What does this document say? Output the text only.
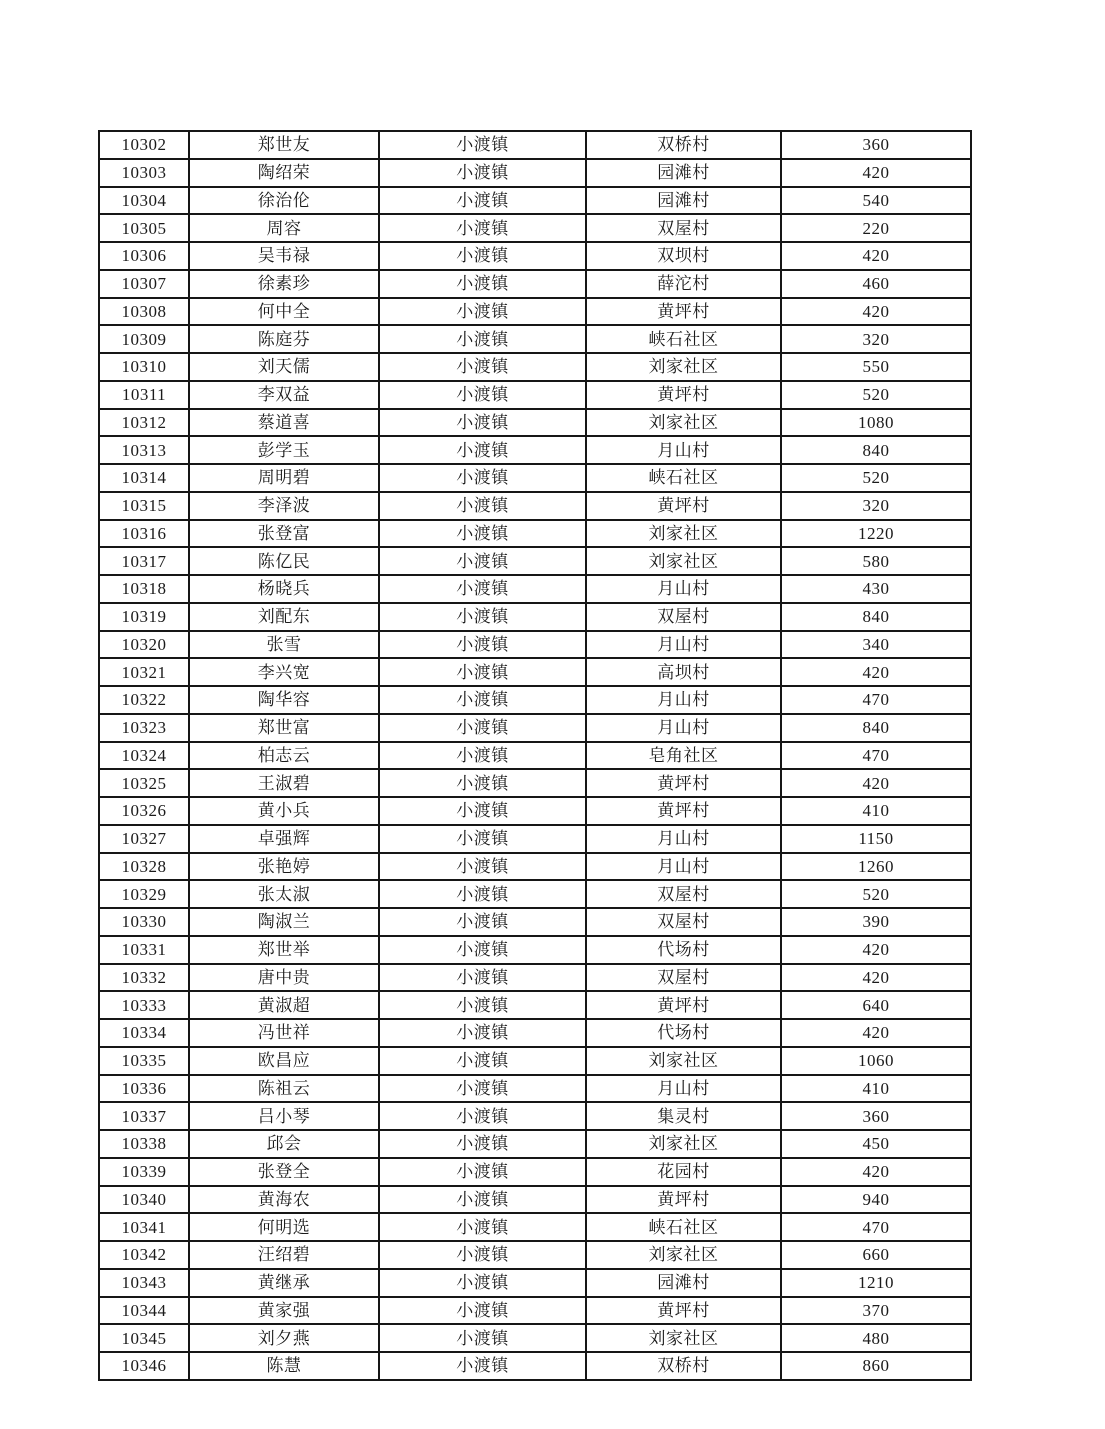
10302	郑世友	小渡镇	双桥村	360
10303	陶绍荣	小渡镇	园滩村	420
10304	徐治伦	小渡镇	园滩村	540
10305	周容	小渡镇	双屋村	220
10306	吴韦禄	小渡镇	双坝村	420
10307	徐素珍	小渡镇	薛沱村	460
10308	何中全	小渡镇	黄坪村	420
10309	陈庭芬	小渡镇	峡石社区	320
10310	刘天儒	小渡镇	刘家社区	550
10311	李双益	小渡镇	黄坪村	520
10312	蔡道喜	小渡镇	刘家社区	1080
10313	彭学玉	小渡镇	月山村	840
10314	周明碧	小渡镇	峡石社区	520
10315	李泽波	小渡镇	黄坪村	320
10316	张登富	小渡镇	刘家社区	1220
10317	陈亿民	小渡镇	刘家社区	580
10318	杨晓兵	小渡镇	月山村	430
10319	刘配东	小渡镇	双屋村	840
10320	张雪	小渡镇	月山村	340
10321	李兴宽	小渡镇	高坝村	420
10322	陶华容	小渡镇	月山村	470
10323	郑世富	小渡镇	月山村	840
10324	柏志云	小渡镇	皂角社区	470
10325	王淑碧	小渡镇	黄坪村	420
10326	黄小兵	小渡镇	黄坪村	410
10327	卓强辉	小渡镇	月山村	1150
10328	张艳婷	小渡镇	月山村	1260
10329	张太淑	小渡镇	双屋村	520
10330	陶淑兰	小渡镇	双屋村	390
10331	郑世举	小渡镇	代场村	420
10332	唐中贵	小渡镇	双屋村	420
10333	黄淑超	小渡镇	黄坪村	640
10334	冯世祥	小渡镇	代场村	420
10335	欧昌应	小渡镇	刘家社区	1060
10336	陈祖云	小渡镇	月山村	410
10337	吕小琴	小渡镇	集灵村	360
10338	邱会	小渡镇	刘家社区	450
10339	张登全	小渡镇	花园村	420
10340	黄海农	小渡镇	黄坪村	940
10341	何明选	小渡镇	峡石社区	470
10342	汪绍碧	小渡镇	刘家社区	660
10343	黄继承	小渡镇	园滩村	1210
10344	黄家强	小渡镇	黄坪村	370
10345	刘夕燕	小渡镇	刘家社区	480
10346	陈慧	小渡镇	双桥村	860
